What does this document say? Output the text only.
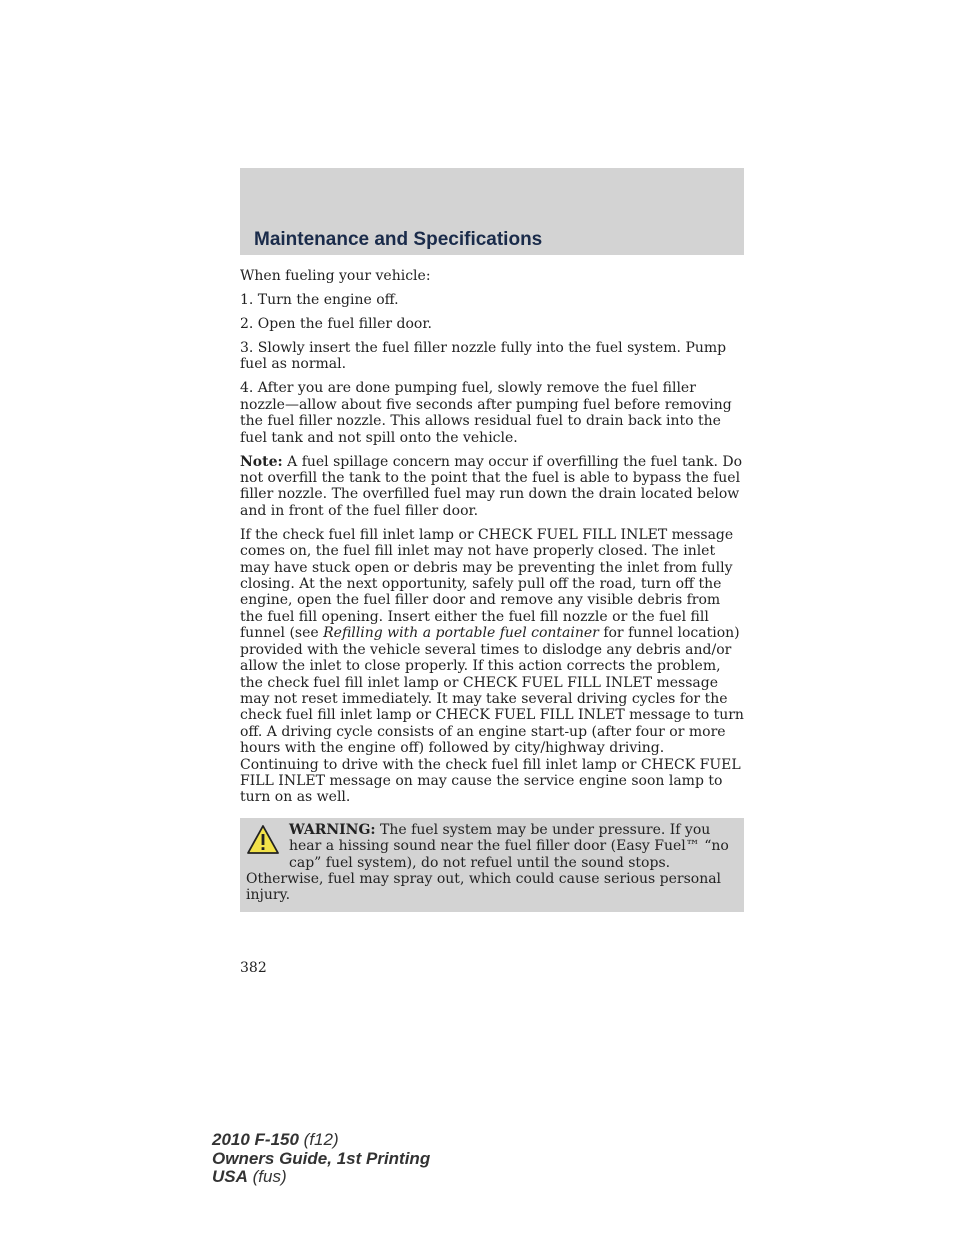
Maintenance and Specifications

When fueling your vehicle:

1. Turn the engine off.

2. Open the fuel filler door.

3. Slowly insert the fuel filler nozzle fully into the fuel system. Pump fuel as normal.

4. After you are done pumping fuel, slowly remove the fuel filler nozzle—allow about five seconds after pumping fuel before removing the fuel filler nozzle. This allows residual fuel to drain back into the fuel tank and not spill onto the vehicle.

Note: A fuel spillage concern may occur if overfilling the fuel tank. Do not overfill the tank to the point that the fuel is able to bypass the fuel filler nozzle. The overfilled fuel may run down the drain located below and in front of the fuel filler door.

If the check fuel fill inlet lamp or CHECK FUEL FILL INLET message comes on, the fuel fill inlet may not have properly closed. The inlet may have stuck open or debris may be preventing the inlet from fully closing. At the next opportunity, safely pull off the road, turn off the engine, open the fuel filler door and remove any visible debris from the fuel fill opening. Insert either the fuel fill nozzle or the fuel fill funnel (see Refilling with a portable fuel container for funnel location) provided with the vehicle several times to dislodge any debris and/or allow the inlet to close properly. If this action corrects the problem, the check fuel fill inlet lamp or CHECK FUEL FILL INLET message may not reset immediately. It may take several driving cycles for the check fuel fill inlet lamp or CHECK FUEL FILL INLET message to turn off. A driving cycle consists of an engine start-up (after four or more hours with the engine off) followed by city/highway driving. Continuing to drive with the check fuel fill inlet lamp or CHECK FUEL FILL INLET message on may cause the service engine soon lamp to turn on as well.

WARNING: The fuel system may be under pressure. If you hear a hissing sound near the fuel filler door (Easy Fuel™ “no cap” fuel system), do not refuel until the sound stops. Otherwise, fuel may spray out, which could cause serious personal injury.
382
2010 F-150 (f12)
Owners Guide, 1st Printing
USA (fus)
